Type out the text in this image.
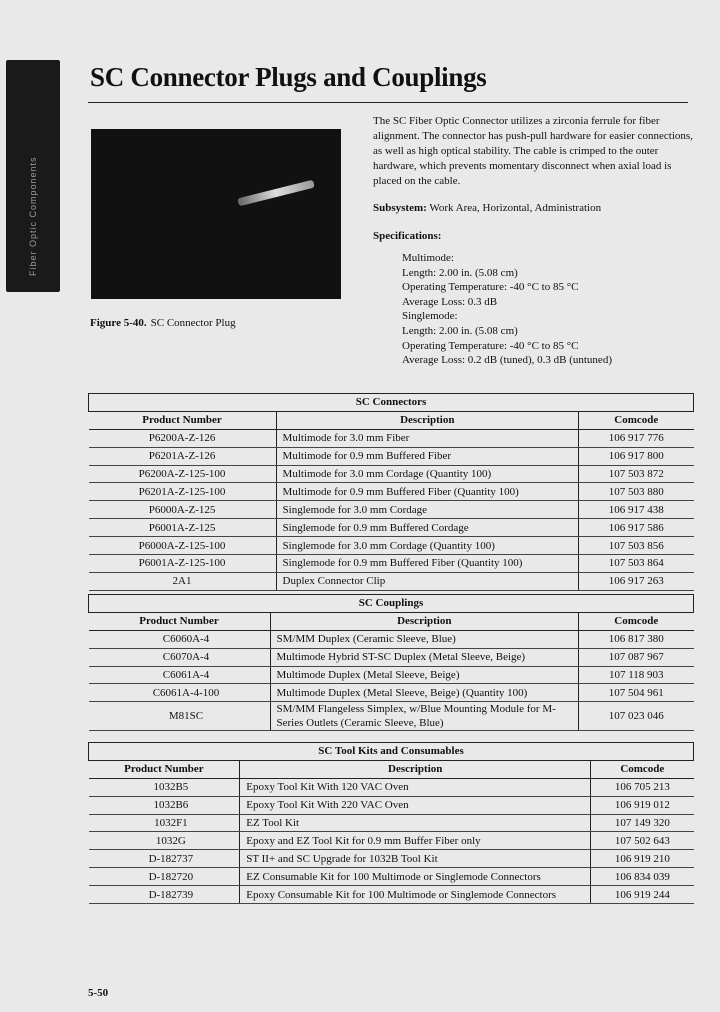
Fiber Optic Components
SC Connector Plugs and Couplings
Figure 5-40. SC Connector Plug

The SC Fiber Optic Connector utilizes a zirconia ferrule for fiber alignment. The connector has push-pull hardware for easier connections, as well as high optical stability. The cable is crimped to the outer hardware, which prevents momentary disconnect when axial load is placed on the cable.

Subsystem: Work Area, Horizontal, Administration
Specifications:
Multimode:
Length: 2.00 in. (5.08 cm)
Operating Temperature: -40 °C to 85 °C
Average Loss: 0.3 dB
Singlemode:
Length: 2.00 in. (5.08 cm)
Operating Temperature: -40 °C to 85 °C
Average Loss: 0.2 dB (tuned), 0.3 dB (untuned)
SC Connectors		
Product Number	Description	Comcode
P6200A-Z-126	Multimode for 3.0 mm Fiber	106 917 776
P6201A-Z-126	Multimode for 0.9 mm Buffered Fiber	106 917 800
P6200A-Z-125-100	Multimode for 3.0 mm Cordage (Quantity 100)	107 503 872
P6201A-Z-125-100	Multimode for 0.9 mm Buffered Fiber (Quantity 100)	107 503 880
P6000A-Z-125	Singlemode for 3.0 mm Cordage	106 917 438
P6001A-Z-125	Singlemode for 0.9 mm Buffered Cordage	106 917 586
P6000A-Z-125-100	Singlemode for 3.0 mm Cordage (Quantity 100)	107 503 856
P6001A-Z-125-100	Singlemode for 0.9 mm Buffered Fiber (Quantity 100)	107 503 864
2A1	Duplex Connector Clip	106 917 263
SC Couplings		
Product Number	Description	Comcode
C6060A-4	SM/MM Duplex (Ceramic Sleeve, Blue)	106 817 380
C6070A-4	Multimode Hybrid ST-SC Duplex (Metal Sleeve, Beige)	107 087 967
C6061A-4	Multimode Duplex (Metal Sleeve, Beige)	107 118 903
C6061A-4-100	Multimode Duplex (Metal Sleeve, Beige) (Quantity 100)	107 504 961
M81SC	SM/MM Flangeless Simplex, w/Blue Mounting Module for M-Series Outlets (Ceramic Sleeve, Blue)	107 023 046
SC Tool Kits and Consumables		
Product Number	Description	Comcode
1032B5	Epoxy Tool Kit With 120 VAC Oven	106 705 213
1032B6	Epoxy Tool Kit With 220 VAC Oven	106 919 012
1032F1	EZ Tool Kit	107 149 320
1032G	Epoxy and EZ Tool Kit for 0.9 mm Buffer Fiber only	107 502 643
D-182737	ST II+ and SC Upgrade for 1032B Tool Kit	106 919 210
D-182720	EZ Consumable Kit for 100 Multimode or Singlemode Connectors	106 834 039
D-182739	Epoxy Consumable Kit for 100 Multimode or Singlemode Connectors	106 919 244
5-50
